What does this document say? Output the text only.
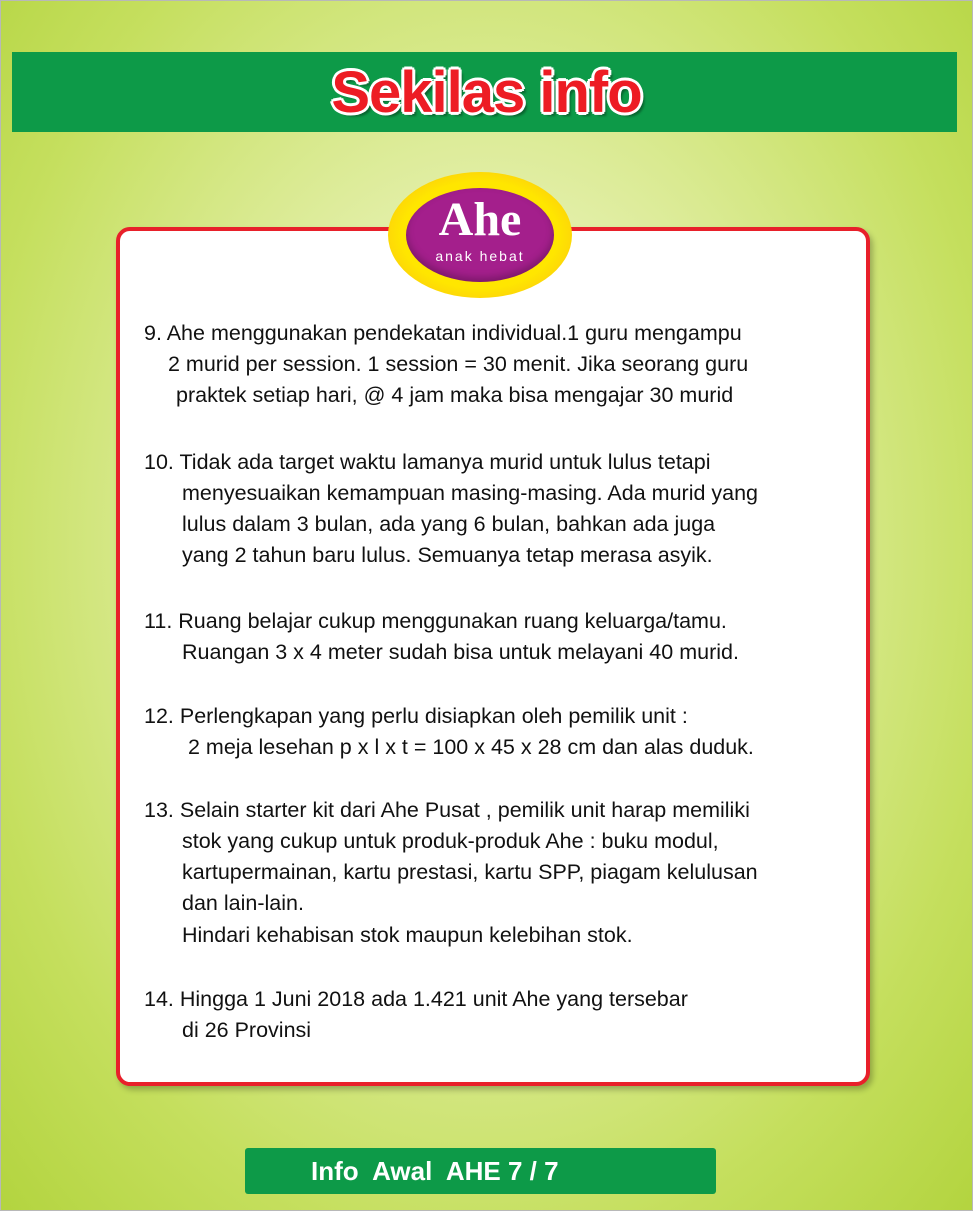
Sekilas info
Ahe
anak hebat
9. Ahe menggunakan pendekatan individual.1 guru mengampu
2 murid per session. 1 session = 30 menit. Jika seorang guru
praktek setiap hari, @ 4 jam maka bisa mengajar 30 murid
10. Tidak ada target waktu lamanya murid untuk lulus tetapi
menyesuaikan kemampuan masing-masing. Ada murid yang
lulus dalam 3 bulan, ada yang 6 bulan, bahkan ada juga
yang 2 tahun baru lulus. Semuanya tetap merasa asyik.
11. Ruang belajar cukup menggunakan ruang keluarga/tamu.
Ruangan 3 x 4 meter sudah bisa untuk melayani 40 murid.
12. Perlengkapan yang perlu disiapkan oleh pemilik unit :
2 meja lesehan p x l x t = 100 x 45 x 28 cm dan alas duduk.
13. Selain starter kit dari Ahe Pusat , pemilik unit harap memiliki
stok yang cukup untuk produk-produk Ahe : buku modul,
kartupermainan, kartu prestasi, kartu SPP, piagam kelulusan
dan lain-lain.
Hindari kehabisan stok maupun kelebihan stok.
14. Hingga 1 Juni 2018 ada 1.421 unit Ahe yang tersebar
di 26 Provinsi
Info  Awal  AHE 7 / 7
